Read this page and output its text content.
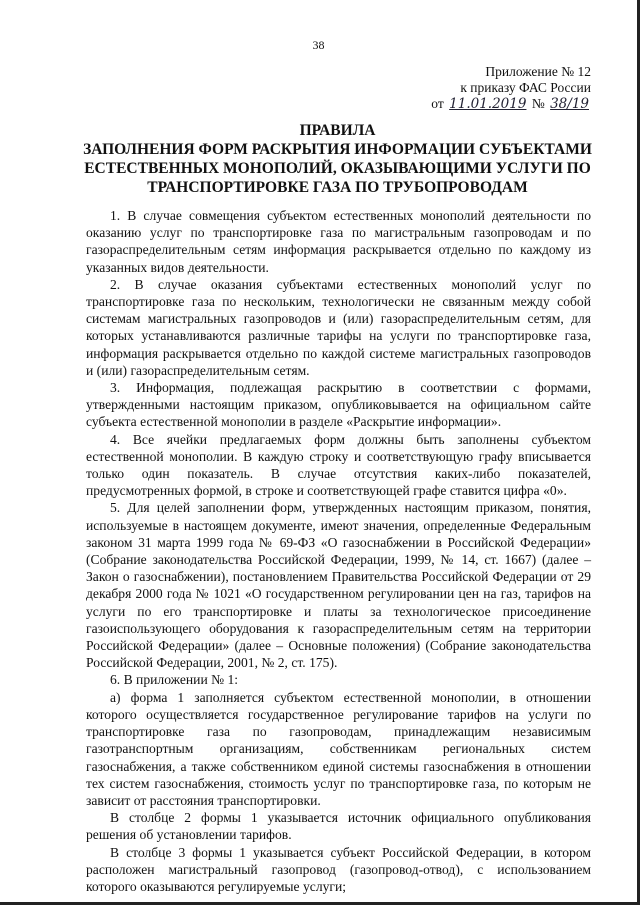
38
Приложение № 12
к приказу ФАС России
от 11.01.2019 № 38/19
ПРАВИЛА
ЗАПОЛНЕНИЯ ФОРМ РАСКРЫТИЯ ИНФОРМАЦИИ СУБЪЕКТАМИ ЕСТЕСТВЕННЫХ МОНОПОЛИЙ, ОКАЗЫВАЮЩИМИ УСЛУГИ ПО ТРАНСПОРТИРОВКЕ ГАЗА ПО ТРУБОПРОВОДАМ

1. В случае совмещения субъектом естественных монополий деятельности по оказанию услуг по транспортировке газа по магистральным газопроводам и по газораспределительным сетям информация раскрывается отдельно по каждому из указанных видов деятельности.

2. В случае оказания субъектами естественных монополий услуг по транспортировке газа по нескольким, технологически не связанным между собой системам магистральных газопроводов и (или) газораспределительным сетям, для которых устанавливаются различные тарифы на услуги по транспортировке газа, информация раскрывается отдельно по каждой системе магистральных газопроводов и (или) газораспределительным сетям.

3. Информация, подлежащая раскрытию в соответствии с формами, утвержденными настоящим приказом, опубликовывается на официальном сайте субъекта естественной монополии в разделе «Раскрытие информации».

4. Все ячейки предлагаемых форм должны быть заполнены субъектом естественной монополии. В каждую строку и соответствующую графу вписывается только один показатель. В случае отсутствия каких-либо показателей, предусмотренных формой, в строке и соответствующей графе ставится цифра «0».

5. Для целей заполнении форм, утвержденных настоящим приказом, понятия, используемые в настоящем документе, имеют значения, определенные Федеральным законом 31 марта 1999 года № 69-ФЗ «О газоснабжении в Российской Федерации» (Собрание законодательства Российской Федерации, 1999, № 14, ст. 1667) (далее –Закон о газоснабжении), постановлением Правительства Российской Федерации от 29 декабря 2000 года № 1021 «О государственном регулировании цен на газ, тарифов на услуги по его транспортировке и платы за технологическое присоединение газоиспользующего оборудования к газораспределительным сетям на территории Российской Федерации» (далее – Основные положения) (Собрание законодательства Российской Федерации, 2001, № 2, ст. 175).

6. В приложении № 1:

а) форма 1 заполняется субъектом естественной монополии, в отношении которого осуществляется государственное регулирование тарифов на услуги по транспортировке газа по газопроводам, принадлежащим независимым газотранспортным организациям, собственникам региональных систем газоснабжения, а также собственником единой системы газоснабжения в отношении тех систем газоснабжения, стоимость услуг по транспортировке газа, по которым не зависит от расстояния транспортировки.

В столбце 2 формы 1 указывается источник официального опубликования решения об установлении тарифов.

В столбце 3 формы 1 указывается субъект Российской Федерации, в котором расположен магистральный газопровод (газопровод-отвод), с использованием которого оказываются регулируемые услуги;
